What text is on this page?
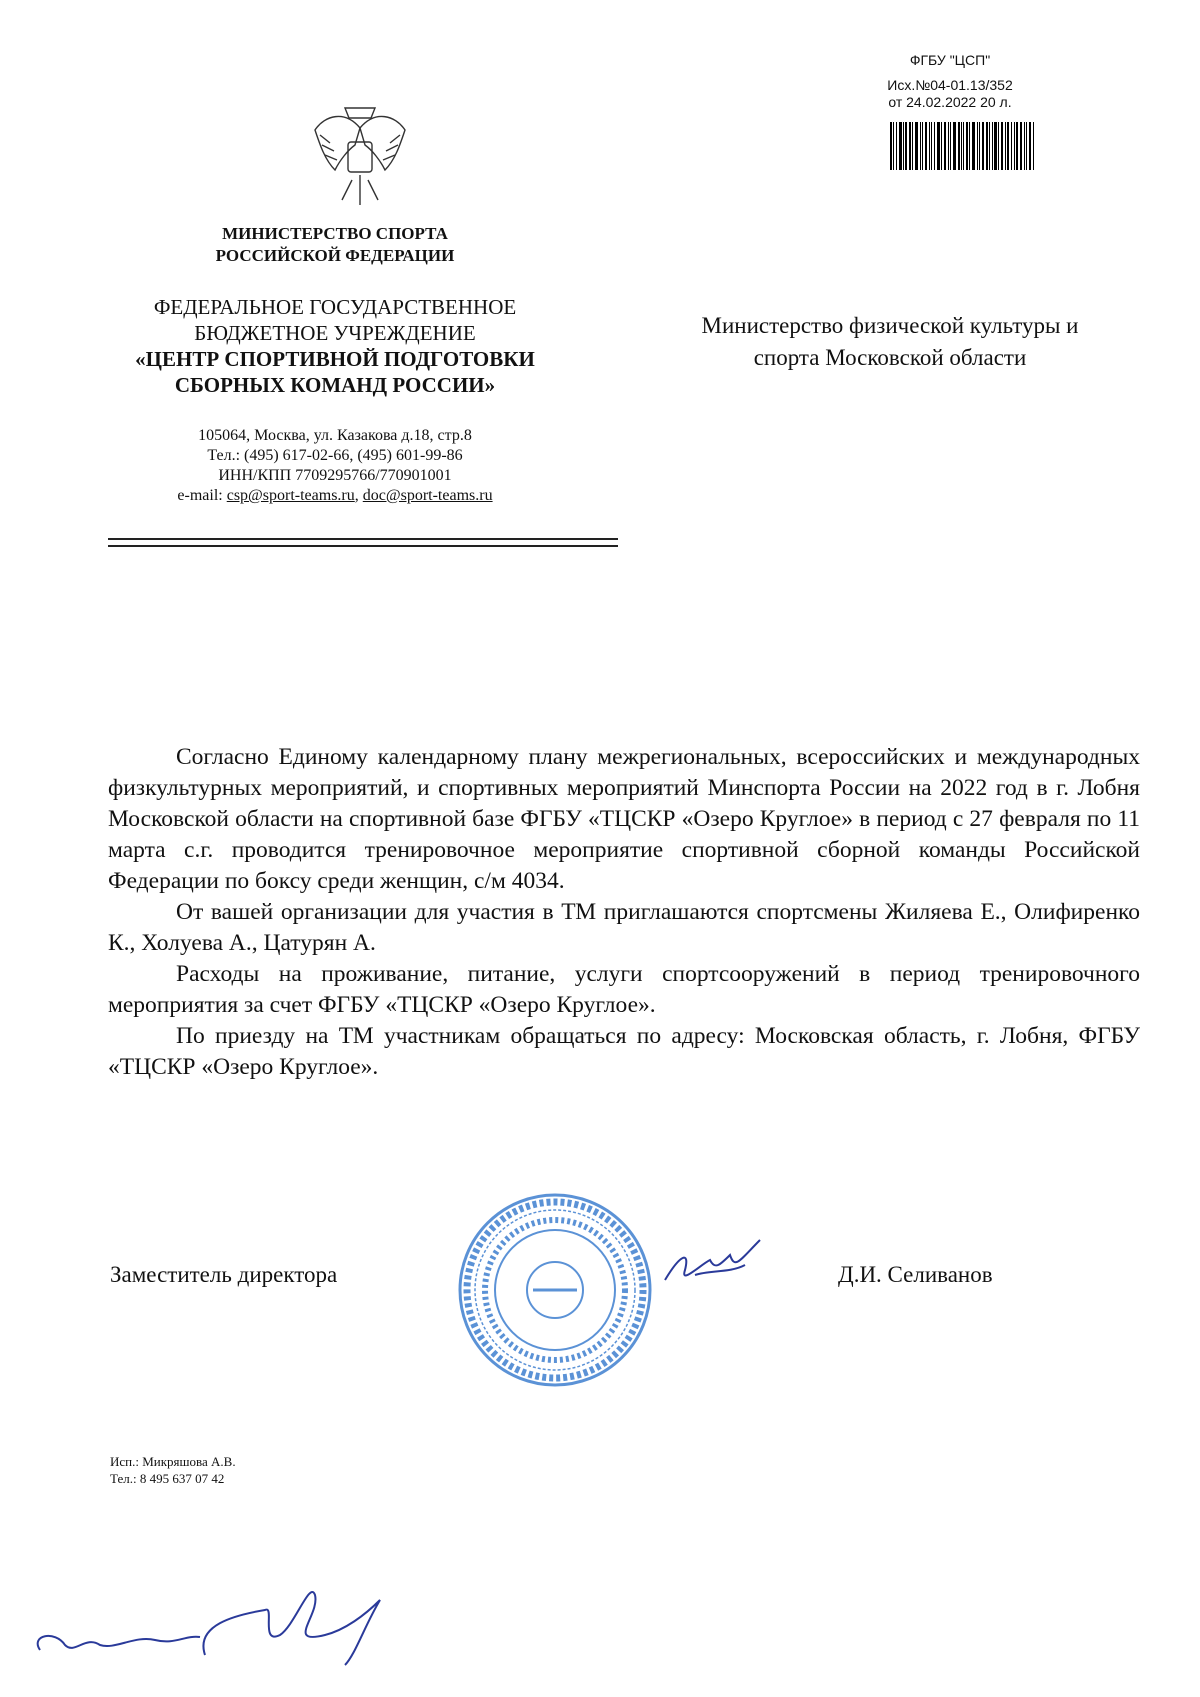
ФГБУ "ЦСП"
Исх.№04-01.13/352
от 24.02.2022 20 л.
МИНИСТЕРСТВО СПОРТА
РОССИЙСКОЙ ФЕДЕРАЦИИ
ФЕДЕРАЛЬНОЕ ГОСУДАРСТВЕННОЕ
БЮДЖЕТНОЕ УЧРЕЖДЕНИЕ
«ЦЕНТР СПОРТИВНОЙ ПОДГОТОВКИ
СБОРНЫХ КОМАНД РОССИИ»
105064, Москва, ул. Казакова д.18, стр.8
Тел.: (495) 617-02-66, (495) 601-99-86
ИНН/КПП 7709295766/770901001
e-mail: csp@sport-teams.ru, doc@sport-teams.ru
Министерство физической культуры и
спорта Московской области

Согласно Единому календарному плану межрегиональных, всероссийских и международных физкультурных мероприятий, и спортивных мероприятий Минспорта России на 2022 год в г. Лобня Московской области на спортивной базе ФГБУ «ТЦСКР «Озеро Круглое» в период с 27 февраля по 11 марта с.г. проводится тренировочное мероприятие спортивной сборной команды Российской Федерации по боксу среди женщин, с/м 4034.

От вашей организации для участия в ТМ приглашаются спортсмены Жиляева Е., Олифиренко К., Холуева А., Цатурян А.

Расходы на проживание, питание, услуги спортсооружений в период тренировочного мероприятия за счет ФГБУ «ТЦСКР «Озеро Круглое».

По приезду на ТМ участникам обращаться по адресу: Московская область, г. Лобня, ФГБУ «ТЦСКР «Озеро Круглое».

Заместитель директора	Д.И. Селиванов
Исп.: Микряшова А.В.
Тел.: 8 495 637 07 42
